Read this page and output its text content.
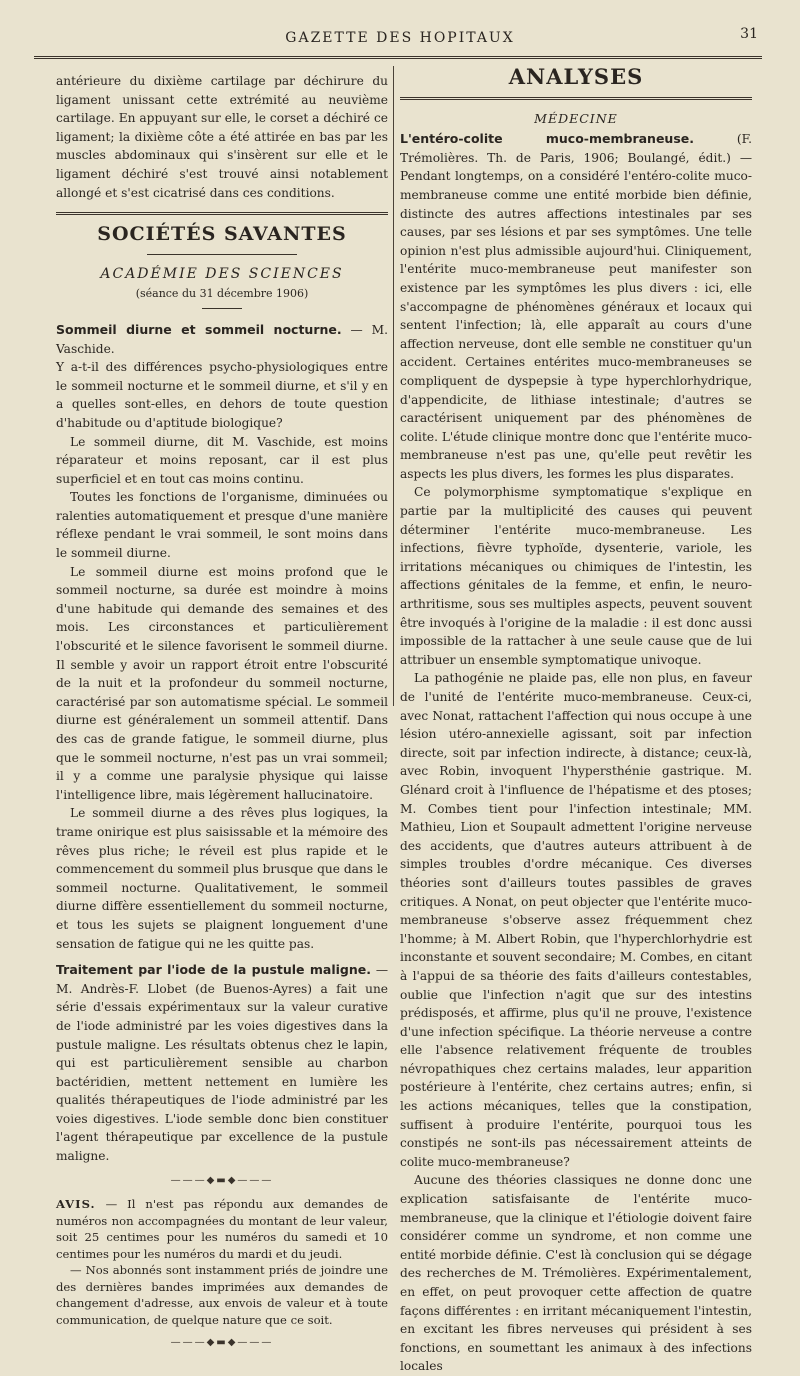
GAZETTE DES HOPITAUX	31

antérieure du dixième cartilage par déchirure du ligament unissant cette extrémité au neuvième cartilage. En appuyant sur elle, le corset a déchiré ce ligament; la dixième côte a été attirée en bas par les muscles abdominaux qui s'insèrent sur elle et le ligament déchiré s'est trouvé ainsi notablement allongé et s'est cicatrisé dans ces conditions.

SOCIÉTÉS SAVANTES
ACADÉMIE DES SCIENCES
(séance du 31 décembre 1906)

Sommeil diurne et sommeil nocturne. — M. Vaschide.

Y a-t-il des différences psycho-physiologiques entre le sommeil nocturne et le sommeil diurne, et s'il y en a quelles sont-elles, en dehors de toute question d'habitude ou d'aptitude biologique?

Le sommeil diurne, dit M. Vaschide, est moins réparateur et moins reposant, car il est plus superficiel et en tout cas moins continu.

Toutes les fonctions de l'organisme, diminuées ou ralenties automatiquement et presque d'une manière réflexe pendant le vrai sommeil, le sont moins dans le sommeil diurne.

Le sommeil diurne est moins profond que le sommeil nocturne, sa durée est moindre à moins d'une habitude qui demande des semaines et des mois. Les circonstances et particulièrement l'obscurité et le silence favorisent le sommeil diurne. Il semble y avoir un rapport étroit entre l'obscurité de la nuit et la profondeur du sommeil nocturne, caractérisé par son automatisme spécial. Le sommeil diurne est généralement un sommeil attentif. Dans des cas de grande fatigue, le sommeil diurne, plus que le sommeil nocturne, n'est pas un vrai sommeil; il y a comme une paralysie physique qui laisse l'intelligence libre, mais légèrement hallucinatoire.

Le sommeil diurne a des rêves plus logiques, la trame onirique est plus saisissable et la mémoire des rêves plus riche; le réveil est plus rapide et le commencement du sommeil plus brusque que dans le sommeil nocturne. Qualitativement, le sommeil diurne diffère essentiellement du sommeil nocturne, et tous les sujets se plaignent longuement d'une sensation de fatigue qui ne les quitte pas.

Traitement par l'iode de la pustule maligne. — M. Andrès-F. Llobet (de Buenos-Ayres) a fait une série d'essais expérimentaux sur la valeur curative de l'iode administré par les voies digestives dans la pustule maligne. Les résultats obtenus chez le lapin, qui est particulièrement sensible au charbon bactéridien, mettent nettement en lumière les qualités thérapeutiques de l'iode administré par les voies digestives. L'iode semble donc bien constituer l'agent thérapeutique par excellence de la pustule maligne.

———◆▬◆———

AVIS. — Il n'est pas répondu aux demandes de numéros non accompagnées du montant de leur valeur, soit 25 centimes pour les numéros du samedi et 10 centimes pour les numéros du mardi et du jeudi.

— Nos abonnés sont instamment priés de joindre une des dernières bandes imprimées aux demandes de changement d'adresse, aux envois de valeur et à toute communication, de quelque nature que ce soit.

———◆▬◆———
ANALYSES
MÉDECINE

L'entéro-colite muco-membraneuse.	(F. Trémolières. Th. de Paris, 1906; Boulangé, édit.) — Pendant longtemps, on a considéré l'entéro-colite muco-membraneuse comme une entité morbide bien définie, distincte des autres affections intestinales par ses causes, par ses lésions et par ses symptômes. Une telle opinion n'est plus admissible aujourd'hui. Cliniquement, l'entérite muco-membraneuse peut manifester son existence par les symptômes les plus divers : ici, elle s'accompagne de phénomènes généraux et locaux qui sentent l'infection; là, elle apparaît au cours d'une affection nerveuse, dont elle semble ne constituer qu'un accident. Certaines entérites muco-membraneuses se compliquent de dyspepsie à type hyperchlorhydrique, d'appendicite, de lithiase intestinale; d'autres se caractérisent uniquement par des phénomènes de colite. L'étude clinique montre donc que l'entérite muco-membraneuse n'est pas une, qu'elle peut revêtir les aspects les plus divers, les formes les plus disparates.

Ce polymorphisme symptomatique s'explique en partie par la multiplicité des causes qui peuvent déterminer l'entérite muco-membraneuse. Les infections, fièvre typhoïde, dysenterie, variole, les irritations mécaniques ou chimiques de l'intestin, les affections génitales de la femme, et enfin, le neuro-arthritisme, sous ses multiples aspects, peuvent souvent être invoqués à l'origine de la maladie : il est donc aussi impossible de la rattacher à une seule cause que de lui attribuer un ensemble symptomatique univoque.

La pathogénie ne plaide pas, elle non plus, en faveur de l'unité de l'entérite muco-membraneuse. Ceux-ci, avec Nonat, rattachent l'affection qui nous occupe à une lésion utéro-annexielle agissant, soit par infection directe, soit par infection indirecte, à distance; ceux-là, avec Robin, invoquent l'hypersthénie gastrique. M. Glénard croit à l'influence de l'hépatisme et des ptoses; M. Combes tient pour l'infection intestinale; MM. Mathieu, Lion et Soupault admettent l'origine nerveuse des accidents, que d'autres auteurs attribuent à de simples troubles d'ordre mécanique. Ces diverses théories sont d'ailleurs toutes passibles de graves critiques. A Nonat, on peut objecter que l'entérite muco-membraneuse s'observe assez fréquemment chez l'homme; à M. Albert Robin, que l'hyperchlorhydrie est inconstante et souvent secondaire; M. Combes, en citant à l'appui de sa théorie des faits d'ailleurs contestables, oublie que l'infection n'agit que sur des intestins prédisposés, et affirme, plus qu'il ne prouve, l'existence d'une infection spécifique. La théorie nerveuse a contre elle l'absence relativement fréquente de troubles névropathiques chez certains malades, leur apparition postérieure à l'entérite, chez certains autres; enfin, si les actions mécaniques, telles que la constipation, suffisent à produire l'entérite, pourquoi tous les constipés ne sont-ils pas nécessairement atteints de colite muco-membraneuse?

Aucune des théories classiques ne donne donc une explication satisfaisante de l'entérite muco-membraneuse, que la clinique et l'étiologie doivent faire considérer comme un syndrome, et non comme une entité morbide définie. C'est là conclusion qui se dégage des recherches de M. Trémolières. Expérimentalement, en effet, on peut provoquer cette affection de quatre façons différentes : en irritant mécaniquement l'intestin, en excitant les fibres nerveuses qui président à ses fonctions, en soumettant les animaux à des infections locales
